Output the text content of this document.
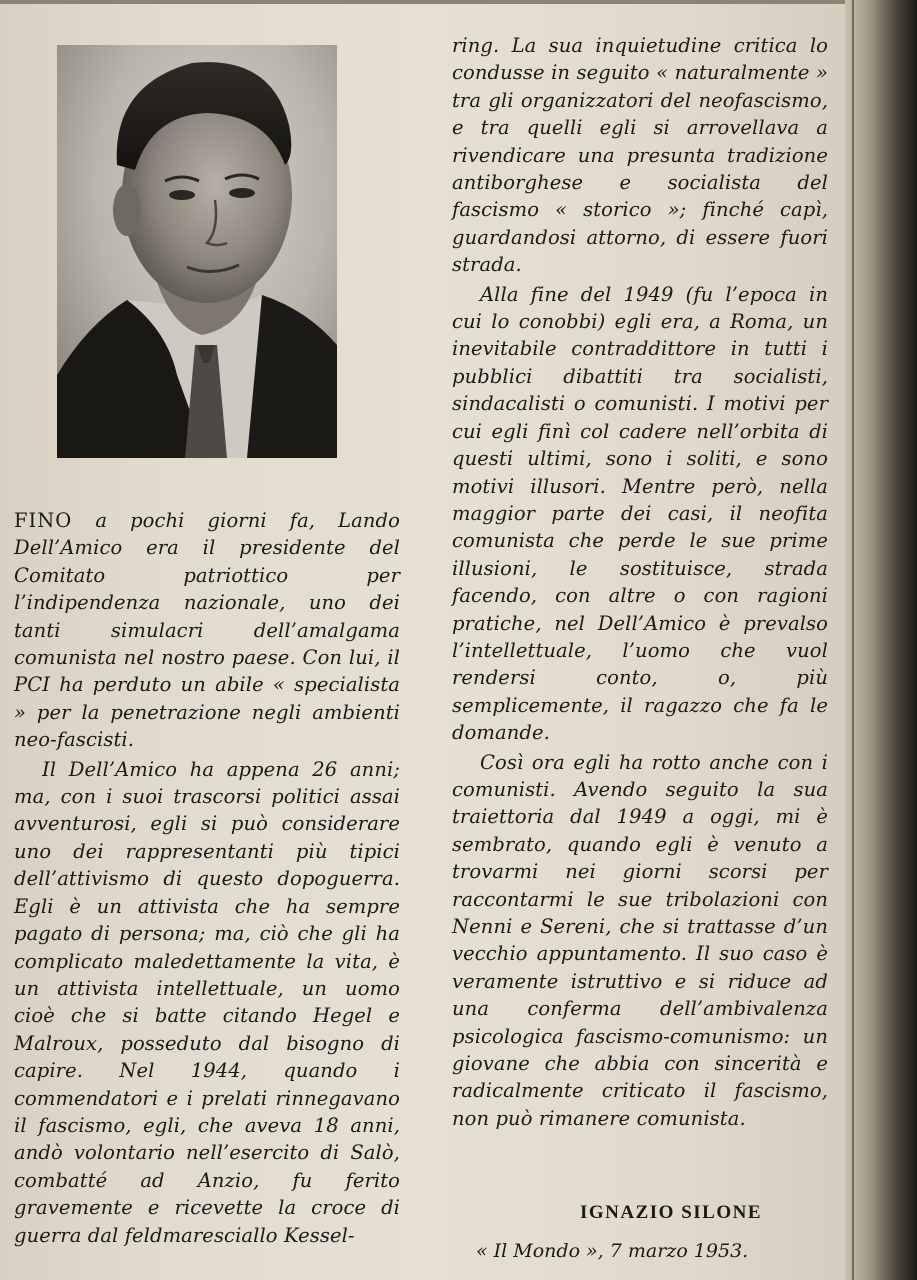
FINO a pochi giorni fa, Lando Dell’Amico era il presidente del Comitato patriottico per l’indipendenza nazionale, uno dei tanti simulacri dell’amalgama comunista nel nostro paese. Con lui, il PCI ha perduto un abile « specialista » per la penetrazione negli ambienti neo-fascisti.

Il Dell’Amico ha appena 26 anni; ma, con i suoi trascorsi politici assai avventurosi, egli si può considerare uno dei rappresentanti più tipici dell’attivismo di questo dopoguerra. Egli è un attivista che ha sempre pagato di persona; ma, ciò che gli ha complicato maledettamente la vita, è un attivista intellettuale, un uomo cioè che si batte citando Hegel e Malroux, posseduto dal bisogno di capire. Nel 1944, quando i commendatori e i prelati rinnegavano il fascismo, egli, che aveva 18 anni, andò volontario nell’esercito di Salò, combatté ad Anzio, fu ferito gravemente e ricevette la croce di guerra dal feldmaresciallo Kessel-

ring. La sua inquietudine critica lo condusse in seguito « naturalmente » tra gli organizzatori del neofascismo, e tra quelli egli si arrovellava a rivendicare una presunta tradizione antiborghese e socialista del fascismo « storico »; finché capì, guardandosi attorno, di essere fuori strada.

Alla fine del 1949 (fu l’epoca in cui lo conobbi) egli era, a Roma, un inevitabile contraddittore in tutti i pubblici dibattiti tra socialisti, sindacalisti o comunisti. I motivi per cui egli finì col cadere nell’orbita di questi ultimi, sono i soliti, e sono motivi illusori. Mentre però, nella maggior parte dei casi, il neofita comunista che perde le sue prime illusioni, le sostituisce, strada facendo, con altre o con ragioni pratiche, nel Dell’Amico è prevalso l’intellettuale, l’uomo che vuol rendersi conto, o, più semplicemente, il ragazzo che fa le domande.

Così ora egli ha rotto anche con i comunisti. Avendo seguito la sua traiettoria dal 1949 a oggi, mi è sembrato, quando egli è venuto a trovarmi nei giorni scorsi per raccontarmi le sue tribolazioni con Nenni e Sereni, che si trattasse d’un vecchio appuntamento. Il suo caso è veramente istruttivo e si riduce ad una conferma dell’ambivalenza psicologica fascismo-comunismo: un giovane che abbia con sincerità e radicalmente criticato il fascismo, non può rimanere comunista.

IGNAZIO SILONE
« Il Mondo », 7 marzo 1953.
